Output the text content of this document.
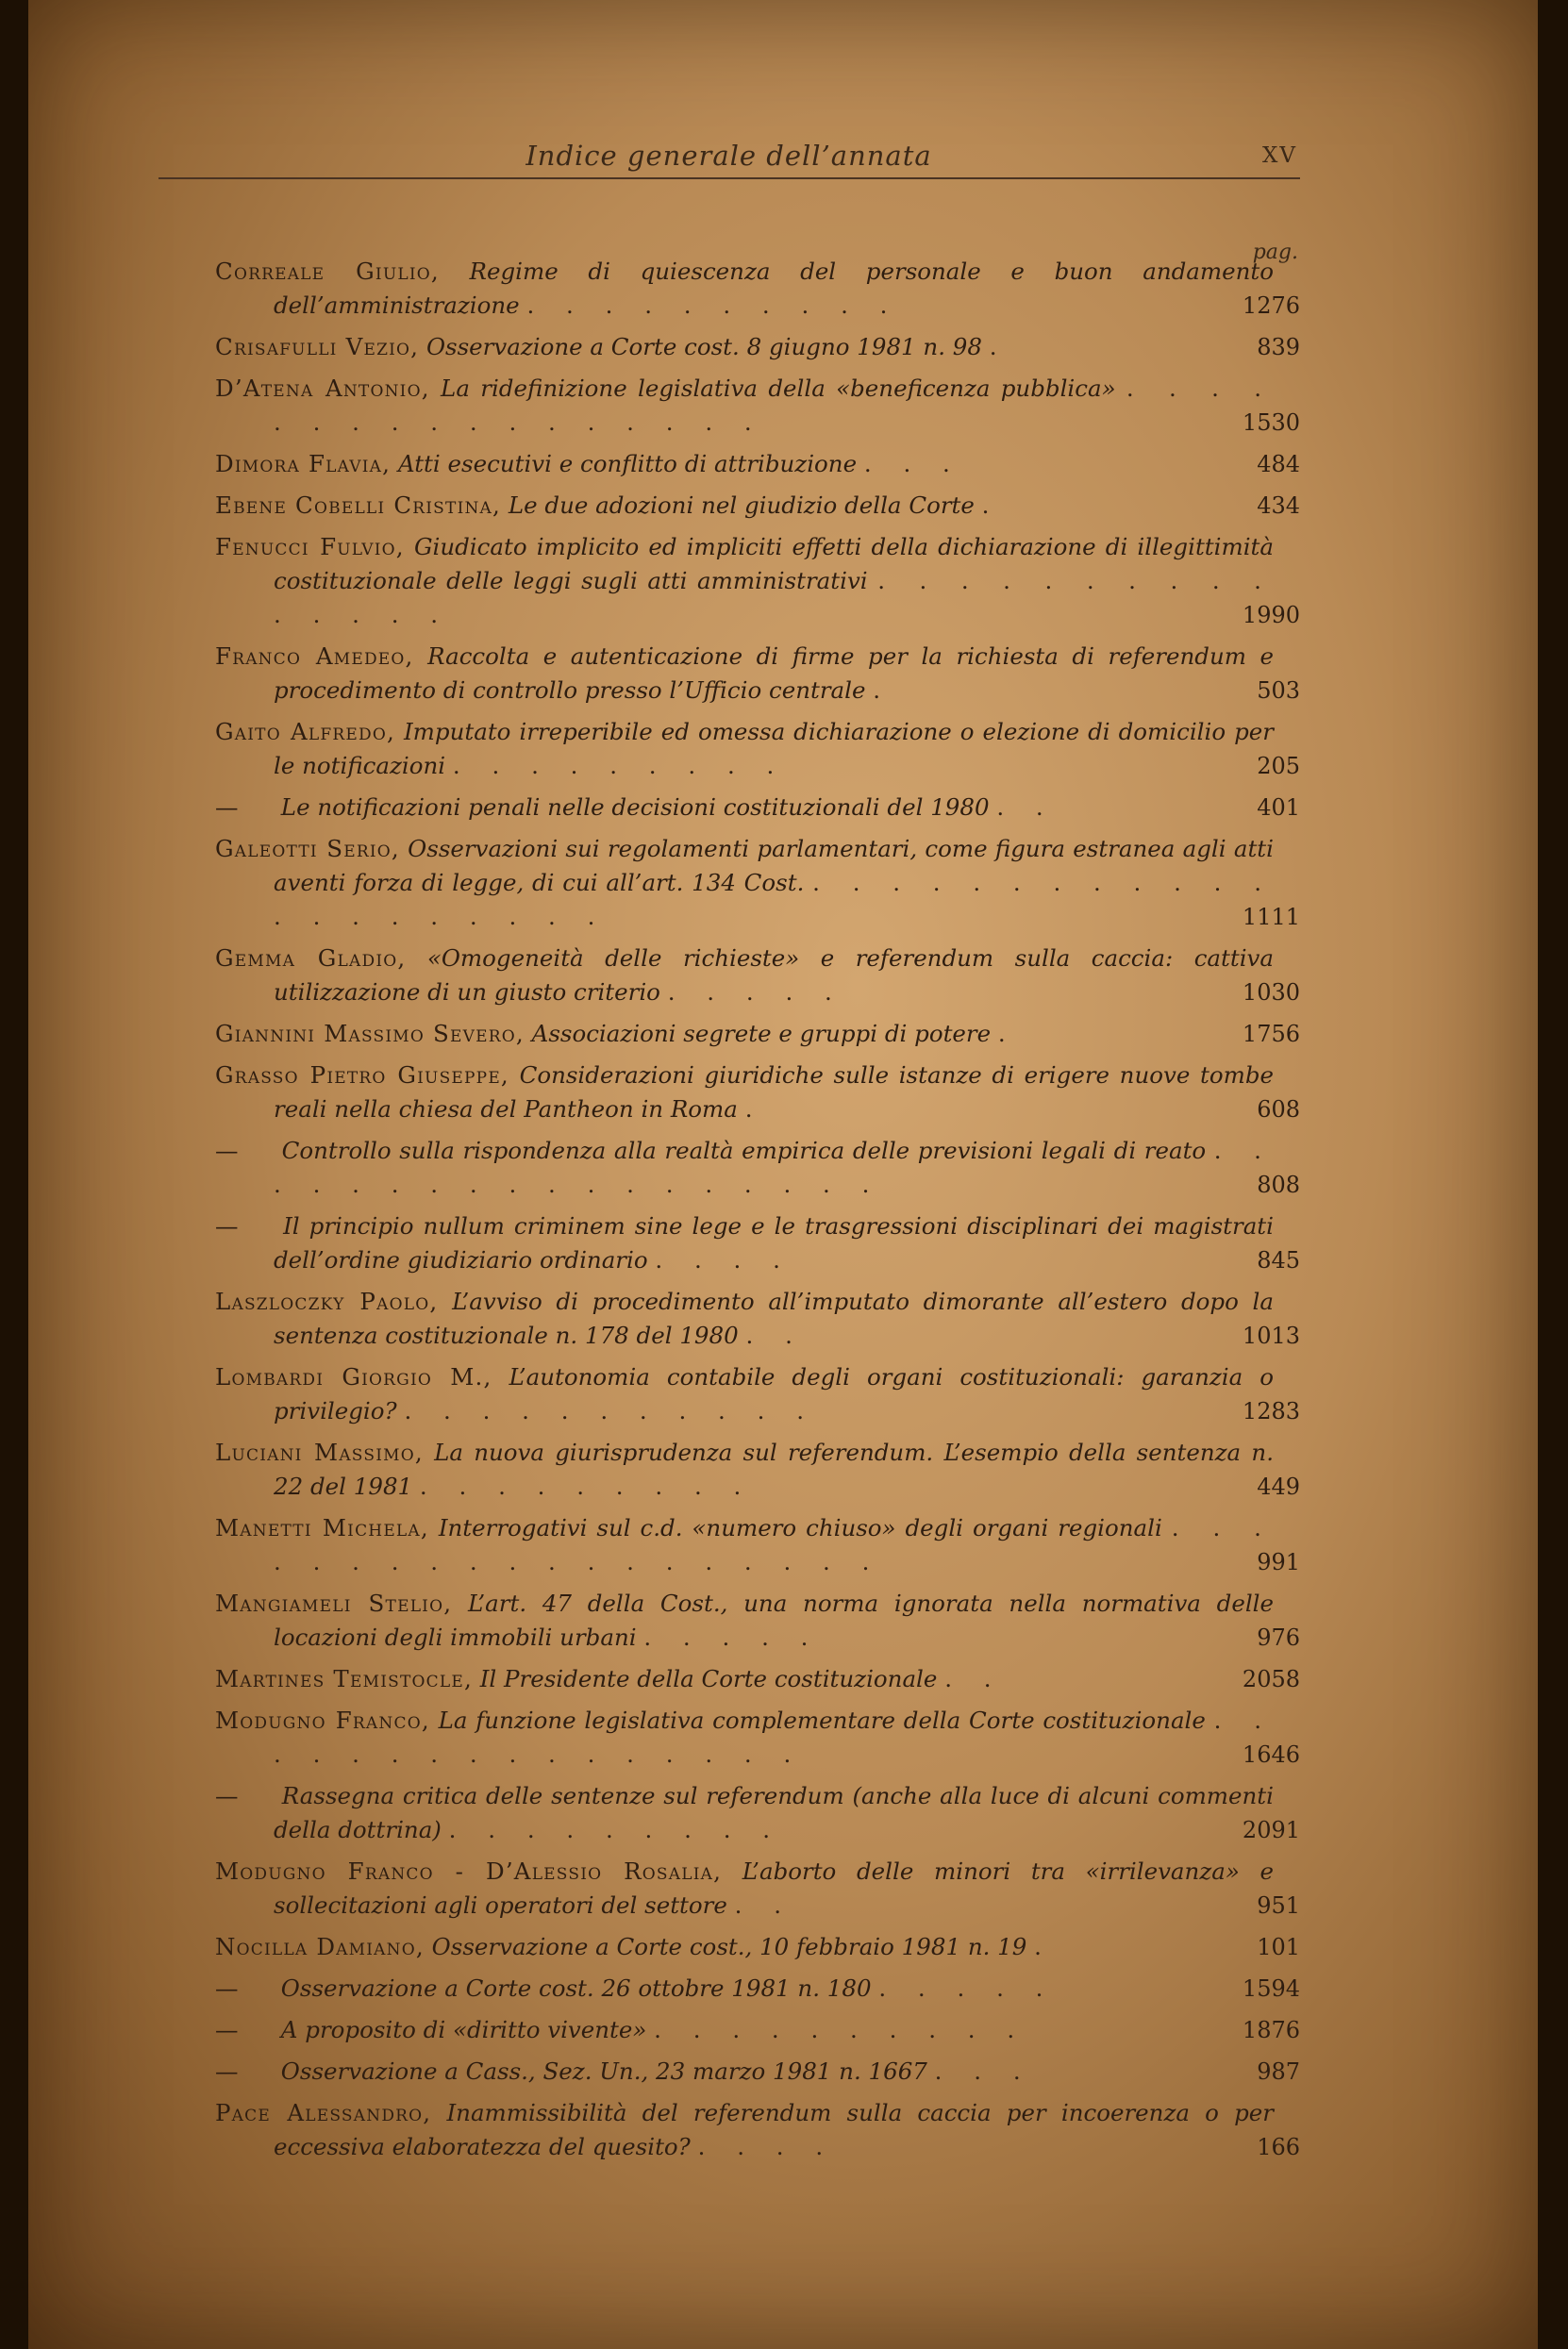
Indice generale dell’annata	XV
pag.
Correale Giulio, Regime di quiescenza del personale e buon andamento dell’amministrazione . . . . . . . . . .	1276
Crisafulli Vezio, Osservazione a Corte cost. 8 giugno 1981 n. 98 .	839
D’Atena Antonio, La ridefinizione legislativa della «beneficenza pubblica» . . . . . . . . . . . . . . . . .	1530
Dimora Flavia, Atti esecutivi e conflitto di attribuzione . . .	484
Ebene Cobelli Cristina, Le due adozioni nel giudizio della Corte .	434
Fenucci Fulvio, Giudicato implicito ed impliciti effetti della dichiarazione di illegittimità costituzionale delle leggi sugli atti amministrativi . . . . . . . . . . . . . . .	1990
Franco Amedeo, Raccolta e autenticazione di firme per la richiesta di referendum e procedimento di controllo presso l’Ufficio centrale .	503
Gaito Alfredo, Imputato irreperibile ed omessa dichiarazione o elezione di domicilio per le notificazioni . . . . . . . . .	205
— Le notificazioni penali nelle decisioni costituzionali del 1980 . .	401
Galeotti Serio, Osservazioni sui regolamenti parlamentari, come figura estranea agli atti aventi forza di legge, di cui all’art. 134 Cost. . . . . . . . . . . . . . . . . . . . . .	1111
Gemma Gladio, «Omogeneità delle richieste» e referendum sulla caccia: cattiva utilizzazione di un giusto criterio . . . . .	1030
Giannini Massimo Severo, Associazioni segrete e gruppi di potere .	1756
Grasso Pietro Giuseppe, Considerazioni giuridiche sulle istanze di erigere nuove tombe reali nella chiesa del Pantheon in Roma .	608
— Controllo sulla rispondenza alla realtà empirica delle previsioni legali di reato . . . . . . . . . . . . . . . . . .	808
— Il principio nullum criminem sine lege e le trasgressioni disciplinari dei magistrati dell’ordine giudiziario ordinario . . . .	845
Laszloczky Paolo, L’avviso di procedimento all’imputato dimorante all’estero dopo la sentenza costituzionale n. 178 del 1980 . .	1013
Lombardi Giorgio M., L’autonomia contabile degli organi costituzionali: garanzia o privilegio? . . . . . . . . . . .	1283
Luciani Massimo, La nuova giurisprudenza sul referendum. L’esempio della sentenza n. 22 del 1981 . . . . . . . . .	449
Manetti Michela, Interrogativi sul c.d. «numero chiuso» degli organi regionali . . . . . . . . . . . . . . . . . . .	991
Mangiameli Stelio, L’art. 47 della Cost., una norma ignorata nella normativa delle locazioni degli immobili urbani . . . . .	976
Martines Temistocle, Il Presidente della Corte costituzionale . .	2058
Modugno Franco, La funzione legislativa complementare della Corte costituzionale . . . . . . . . . . . . . . . .	1646
— Rassegna critica delle sentenze sul referendum (anche alla luce di alcuni commenti della dottrina) . . . . . . . . .	2091
Modugno Franco - D’Alessio Rosalia, L’aborto delle minori tra «irrilevanza» e sollecitazioni agli operatori del settore . .	951
Nocilla Damiano, Osservazione a Corte cost., 10 febbraio 1981 n. 19 .	101
— Osservazione a Corte cost. 26 ottobre 1981 n. 180 . . . . .	1594
— A proposito di «diritto vivente» . . . . . . . . . .	1876
— Osservazione a Cass., Sez. Un., 23 marzo 1981 n. 1667 . . .	987
Pace Alessandro, Inammissibilità del referendum sulla caccia per incoerenza o per eccessiva elaboratezza del quesito? . . . .	166
